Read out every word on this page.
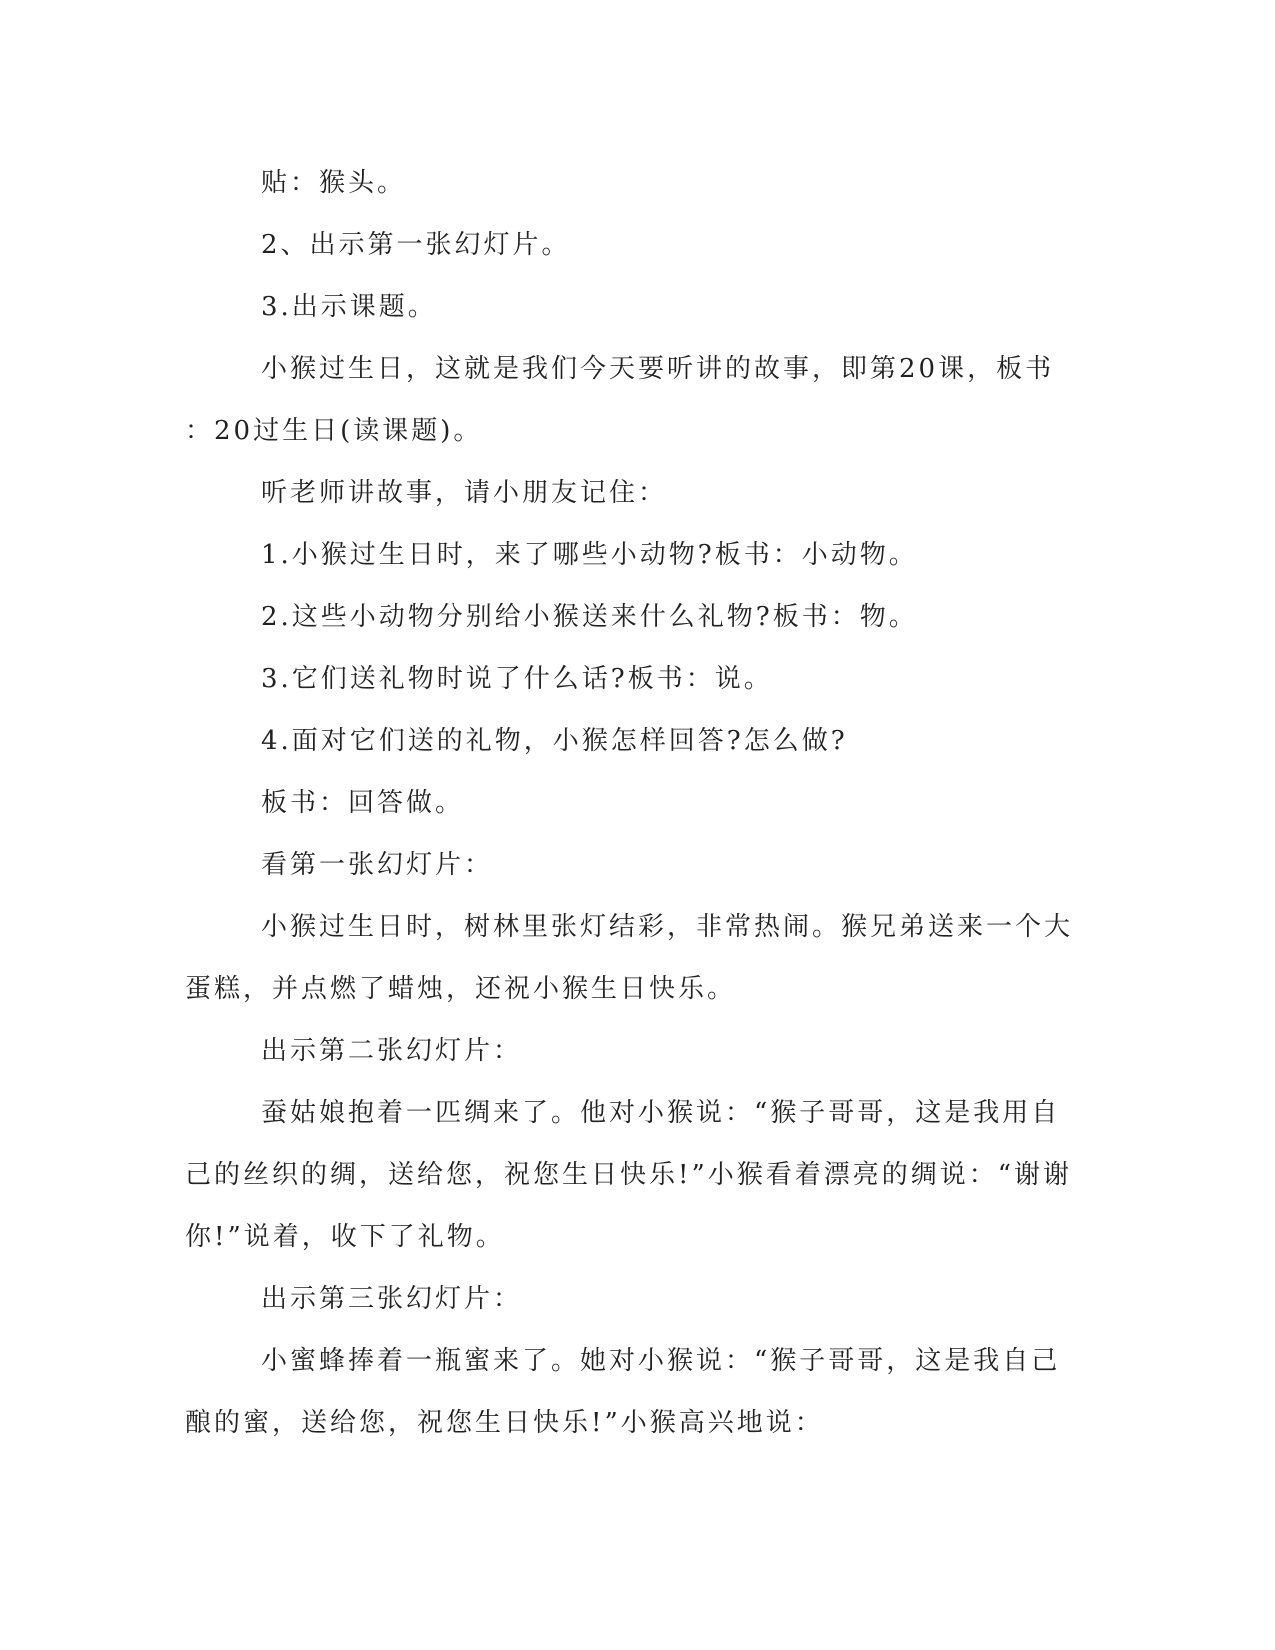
贴：猴头。

2、出示第一张幻灯片。

3.出示课题。

小猴过生日，这就是我们今天要听讲的故事，即第20课，板书

：20过生日(读课题)。

听老师讲故事，请小朋友记住：

1.小猴过生日时，来了哪些小动物?板书：小动物。

2.这些小动物分别给小猴送来什么礼物?板书：物。

3.它们送礼物时说了什么话?板书：说。

4.面对它们送的礼物，小猴怎样回答?怎么做?

板书：回答做。

看第一张幻灯片：

小猴过生日时，树林里张灯结彩，非常热闹。猴兄弟送来一个大

蛋糕，并点燃了蜡烛，还祝小猴生日快乐。

出示第二张幻灯片：

蚕姑娘抱着一匹绸来了。他对小猴说：“猴子哥哥，这是我用自

己的丝织的绸，送给您，祝您生日快乐!”小猴看着漂亮的绸说：“谢谢

你!”说着，收下了礼物。

出示第三张幻灯片：

小蜜蜂捧着一瓶蜜来了。她对小猴说：“猴子哥哥，这是我自己

酿的蜜，送给您，祝您生日快乐!”小猴高兴地说：
